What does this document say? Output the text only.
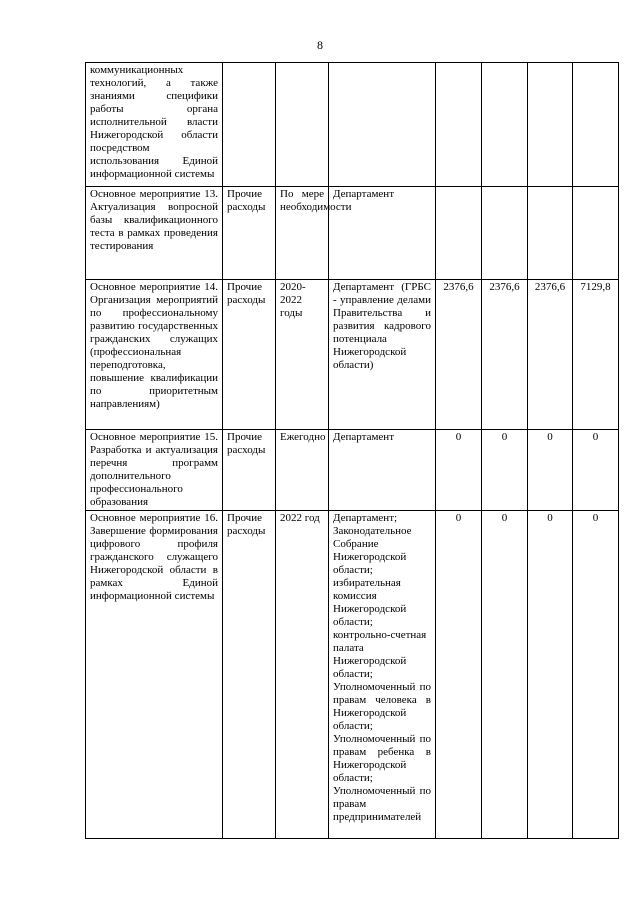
8
коммуникационных технологий, а также знаниями специфики работы органа исполнительной власти Нижегородской области посредством использования Единой информационной системы							
Основное мероприятие 13. Актуализация вопросной базы квалификационного теста в рамках проведения тестирования	Прочие расходы	По мере необходимости	Департамент				
Основное мероприятие 14. Организация мероприятий по профессиональному развитию государственных гражданских служащих (профессиональная переподготовка, повышение квалификации по приоритетным направлениям)	Прочие расходы	2020-2022 годы	Департамент (ГРБС - управление делами Правительства и развития кадрового потенциала Нижегородской области)	2376,6	2376,6	2376,6	7129,8
Основное мероприятие 15. Разработка и актуализация перечня программ дополнительного профессионального образования	Прочие расходы	Ежегодно	Департамент	0	0	0	0
Основное мероприятие 16. Завершение формирования цифрового профиля гражданского служащего Нижегородской области в рамках Единой информационной системы	Прочие расходы	2022 год	Департамент; Законодательное Собрание Нижегородской области; избирательная комиссия Нижегородской области; контрольно-счетная палата Нижегородской области; Уполномоченный по правам человека в Нижегородской области; Уполномоченный по правам ребенка в Нижегородской области; Уполномоченный по правам предпринимателей	0	0	0	0
